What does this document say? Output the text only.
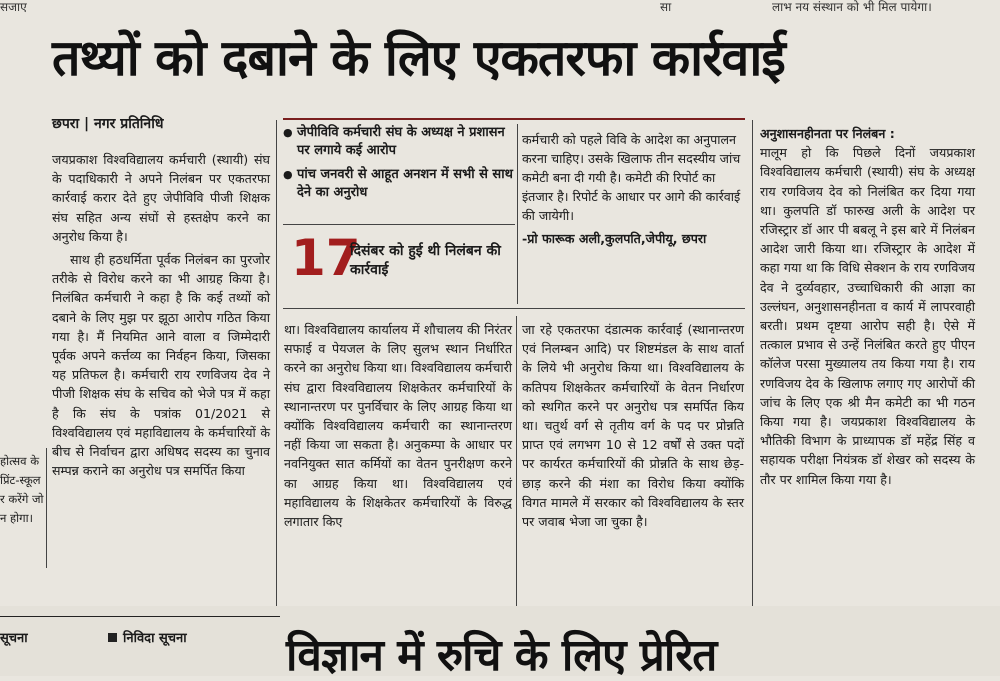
सजाए	सा	लाभ नय संस्थान को भी मिल पायेगा।
तथ्यों को दबाने के लिए एकतरफा कार्रवाई
छपरा | नगर प्रतिनिधि
होत्सव के
प्रिंट-स्कूल
र करेंगे जो
न होगा।

जयप्रकाश विश्वविद्यालय कर्मचारी (स्थायी) संघ के पदाधिकारी ने अपने निलंबन पर एकतरफा कार्रवाई करार देते हुए जेपीविवि पीजी शिक्षक संघ सहित अन्य संघों से हस्तक्षेप करने का अनुरोध किया है।

साथ ही हठधर्मिता पूर्वक निलंबन का पुरजोर तरीके से विरोध करने का भी आग्रह किया है। निलंबित कर्मचारी ने कहा है कि कई तथ्यों को दबाने के लिए मुझ पर झूठा आरोप गठित किया गया है। मैं नियमित आने वाला व जिम्मेदारी पूर्वक अपने कर्त्तव्य का निर्वहन किया, जिसका यह प्रतिफल है। कर्मचारी राय रणविजय देव ने पीजी शिक्षक संघ के सचिव को भेजे पत्र में कहा है कि संघ के पत्रांक 01/2021 से विश्वविद्यालय एवं महाविद्यालय के कर्मचारियों के बीच से निर्वाचन द्वारा अधिषद सदस्य का चुनाव सम्पन्न कराने का अनुरोध पत्र समर्पित किया

● जेपीविवि कर्मचारी संघ के अध्यक्ष ने प्रशासन पर लगाये कई आरोप
● पांच जनवरी से आहूत अनशन में सभी से साथ देने का अनुरोध
17
दिसंबर को हुई थी निलंबन की कार्रवाई
कर्मचारी को पहले विवि के आदेश का अनुपालन करना चाहिए। उसके खिलाफ तीन सदस्यीय जांच कमेटी बना दी गयी है। कमेटी की रिपोर्ट का इंतजार है। रिपोर्ट के आधार पर आगे की कार्रवाई की जायेगी।
-प्रो फारूक अली,कुलपति,जेपीयू, छपरा

था। विश्वविद्यालय कार्यालय में शौचालय की निरंतर सफाई व पेयजल के लिए सुलभ स्थान निर्धारित करने का अनुरोध किया था। विश्वविद्यालय कर्मचारी संघ द्वारा विश्वविद्यालय शिक्षकेतर कर्मचारियों के स्थानान्तरण पर पुनर्विचार के लिए आग्रह किया था क्योंकि विश्वविद्यालय कर्मचारी का स्थानान्तरण नहीं किया जा सकता है। अनुकम्पा के आधार पर नवनियुक्त सात कर्मियों का वेतन पुनरीक्षण करने का आग्रह किया था। विश्वविद्यालय एवं महाविद्यालय के शिक्षकेतर कर्मचारियों के विरुद्ध लगातार किए

जा रहे एकतरफा दंडात्मक कार्रवाई (स्थानान्तरण एवं निलम्बन आदि) पर शिष्टमंडल के साथ वार्ता के लिये भी अनुरोध किया था। विश्वविद्यालय के कतिपय शिक्षकेतर कर्मचारियों के वेतन निर्धारण को स्थगित करने पर अनुरोध पत्र समर्पित किय था। चतुर्थ वर्ग से तृतीय वर्ग के पद पर प्रोन्नति प्राप्त एवं लगभग 10 से 12 वर्षों से उक्त पदों पर कार्यरत कर्मचारियों की प्रोन्नति के साथ छेड़-छाड़ करने की मंशा का विरोध किया क्योंकि विगत मामले में सरकार को विश्वविद्यालय के स्तर पर जवाब भेजा जा चुका है।

अनुशासनहीनता पर निलंबन :

मालूम हो कि पिछले दिनों जयप्रकाश विश्वविद्यालय कर्मचारी (स्थायी) संघ के अध्यक्ष राय रणविजय देव को निलंबित कर दिया गया था। कुलपति डॉ फारुख अली के आदेश पर रजिस्ट्रार डॉ आर पी बबलू ने इस बारे में निलंबन आदेश जारी किया था। रजिस्ट्रार के आदेश में कहा गया था कि विधि सेक्शन के राय रणविजय देव ने दुर्व्यवहार, उच्चाधिकारी की आज्ञा का उल्लंघन, अनुशासनहीनता व कार्य में लापरवाही बरती। प्रथम दृष्टया आरोप सही है। ऐसे में तत्काल प्रभाव से उन्हें निलंबित करते हुए पीएन कॉलेज परसा मुख्यालय तय किया गया है। राय रणविजय देव के खिलाफ लगाए गए आरोपों की जांच के लिए एक श्री मैन कमेटी का भी गठन किया गया है। जयप्रकाश विश्वविद्यालय के भौतिकी विभाग के प्राध्यापक डॉ महेंद्र सिंह व सहायक परीक्षा नियंत्रक डॉ शेखर को सदस्य के तौर पर शामिल किया गया है।

सूचना	निविदा सूचना विज्ञान में रुचि के लिए प्रेरित
